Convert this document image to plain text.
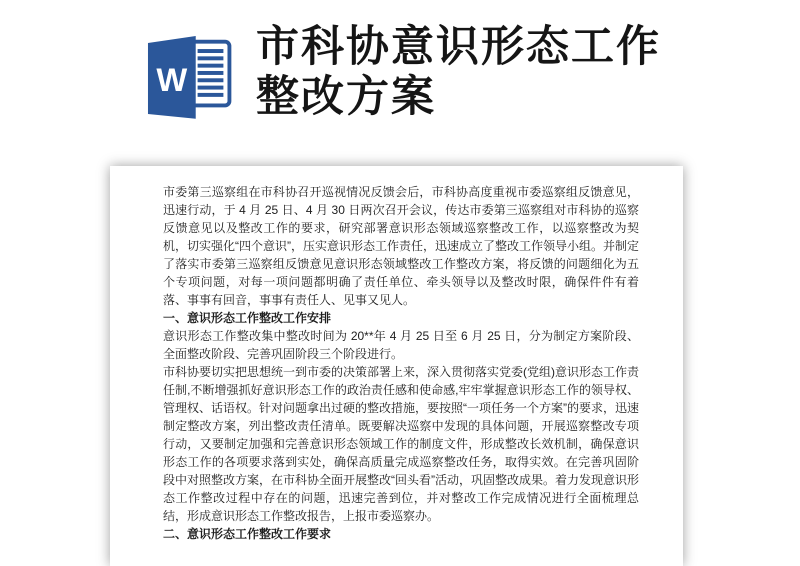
W
市科协意识形态工作
整改方案

市委第三巡察组在市科协召开巡视情况反馈会后，市科协高度重视市委巡察组反馈意见，迅速行动，于 4 月 25 日、4 月 30 日两次召开会议，传达市委第三巡察组对市科协的巡察反馈意见以及整改工作的要求，研究部署意识形态领域巡察整改工作，以巡察整改为契机，切实强化“四个意识”，压实意识形态工作责任，迅速成立了整改工作领导小组。并制定了落实市委第三巡察组反馈意见意识形态领域整改工作整改方案，将反馈的问题细化为五个专项问题，对每一项问题都明确了责任单位、牵头领导以及整改时限，确保件件有着落、事事有回音，事事有责任人、见事又见人。

一、意识形态工作整改工作安排

意识形态工作整改集中整改时间为 20**年 4 月 25 日至 6 月 25 日，分为制定方案阶段、全面整改阶段、完善巩固阶段三个阶段进行。

市科协要切实把思想统一到市委的决策部署上来，深入贯彻落实党委(党组)意识形态工作责任制,不断增强抓好意识形态工作的政治责任感和使命感,牢牢掌握意识形态工作的领导权、管理权、话语权。针对问题拿出过硬的整改措施，要按照“一项任务一个方案”的要求，迅速制定整改方案，列出整改责任清单。既要解决巡察中发现的具体问题，开展巡察整改专项行动，又要制定加强和完善意识形态领域工作的制度文件，形成整改长效机制，确保意识形态工作的各项要求落到实处，确保高质量完成巡察整改任务，取得实效。在完善巩固阶段中对照整改方案，在市科协全面开展整改“回头看”活动，巩固整改成果。着力发现意识形态工作整改过程中存在的问题，迅速完善到位，并对整改工作完成情况进行全面梳理总结，形成意识形态工作整改报告，上报市委巡察办。

二、意识形态工作整改工作要求
